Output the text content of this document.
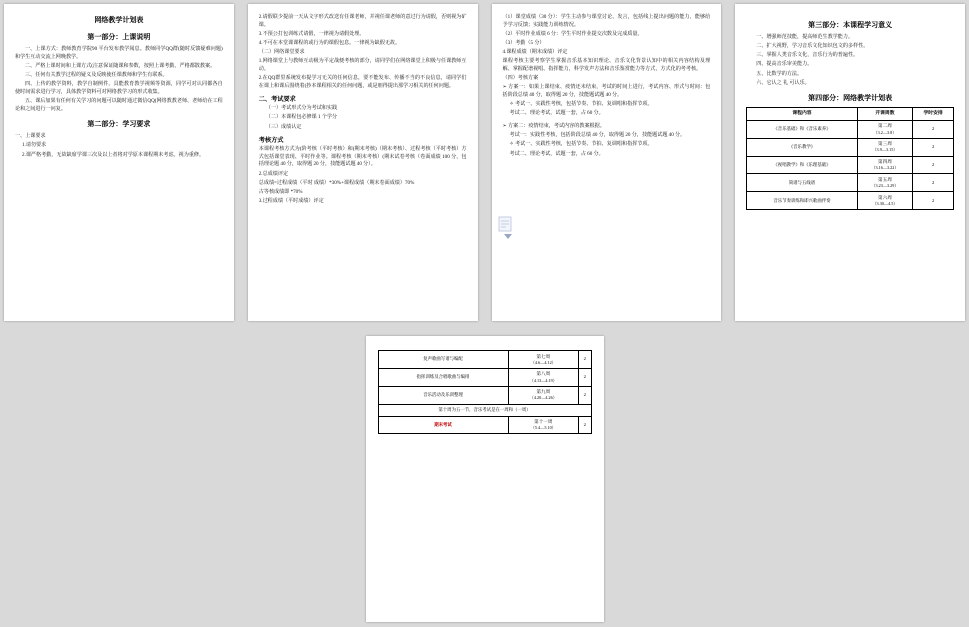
网络教学计划表
第一部分：上课说明

一、上课方式：教师教育学院90 平台发布教学阅息。教师同学QQ群(随时反馈疑难问题)和学生互动交流上网晚教学。

二、严格上课时间和上课方式(注意保证随课和参数，按照上课考勤、严格都散教案。

三、任何有关教学过程的疑义及反映使任课教师和学生有联系。

四、上传的教学资料，教学自制例件，具能教育教学视频等资源，同学可对认同都各自使时间需求进行学习，具体教学资料可对网络教学习的形式收集。

五、课后加果有任何有关学习的问题可以随时通过微信QQ(网络教教老师、老师给在工程论和之间进行一问复。

第二部分：学习要求

一、上课要求

1.请勿要求

2.课严格考勤，无故缺席学课三次及以上者将对学原本课程期末考虑。视为重修。

2.请假联少提前一天从文字形式改送有任课老师，并视任课老师的意过行为请假，否则视为矿课。

3.不预公打包训练式请假，一律视为请假处理。

4.不可在本堂课课程的或行为的课假包息。一律视为缺假无故。

（二）网络课堂要求

1.网络课堂上与教师互动极为平定战便考核的部分，请同学们在网络课堂上积极与任课教师互动。

2.在QQ群里系统发布提学习无关的任何信息，要不能发布、传播不当的不良信息，请同学们在课上和课后围绕着(抄本课程相关的任何问题，或是朋得提出那学习相关的任何问题。

二、考试要求

（一）考试形式分为考试和实践

（二）本课程包必修课 1 个学分

（三）成绩认定

考核方式

本课程考核方式为(阶考核（平时考核）和(期末考核)（期末考核）、过程考核（平时考核）方式包括课堂表现、平时作业等。课程考核（期末考核）(期末试卷考核（卷面成绩 100 分，包括理论题 40 分，取得题 20 分，技能题试题 40 分）。

2.总成绩评定

总成绩=过程成绩（平时 成绩）*30%+课程成绩（期末卷面成绩）70%

古等核成绩即 *70%

3.过程成绩（平时成绩）评定

（1）课堂成绩（30 分）：学生主动参与课堂讨论、发言，包括线上提出问题的能力，能够给予学习反馈；实践能力训练情况。

（2）平时作业成绩 6 分：学生平时作业提交次数及完成质量。

（3）考勤（5 分）

4.课程成绩（期末成绩）评定

课程考核主要考察学生掌握音乐基本知识理论、音乐文化背景认知中的相关内容结构及理解、掌握配谱视唱、指挥能力，科学发声方法和音乐鉴赏能力等方式，方式化的考考核。

（四）考核方案

➢ 方案一：如果上课结束、疫情还未结束，考试的时间上进行，考试内容、形式与时间：包括阶段总绩 40 分，取得题 20 分，技能题试题 40 分。

✧ 考试一、实践性考核，包括节奏、节拍、复调唱和指挥节项。

考试二、理论考试，试题一套，占 60 分。

➢ 方案二：疫情结束，考试内容的教案根据。

考试一：实践性考核，包括阶段总绩 40 分，取得题 20 分，技能题试题 40 分。

✧ 考试一、实践性考核，包括节奏、节拍、复调唱和指挥节项。

考试二、理论考试，试题一套，占 60 分。

第三部分：本课程学习意义

一、增强师范技能，提高师范生教学能力。

二、扩大视野，学习音乐文化知识包文的多样性。

三、掌握人类音乐文化，音乐行为的普遍性。

四、提高音乐审美能力。

五、比数学的方法。

六、它认之 礼 可认乐。

第四部分：网络教学计划表
课程内容	开课周数	学时安排
《音乐基础》和《音乐素养》	第二周
（3.2—3.8）	2
《音乐教学》	第三周
（3.9—3.15）	2
《视唱教学》和《乐理基础》	第四周
（3.16—3.22）	2
简谱与五线谱	第五周
（3.23—3.29）	2
音乐节奏训练和即兴歌曲伴奏	第六周
（3.30—4.5）	2
复声歌曲写谱与编配	第七周
（4.6—4.12）	2
指挥训练及合唱歌曲与编排	第八周
（4.13—4.19）	2
音乐活动及乐训整理	第九周
（4.20—4.26）	2
第十周为五一节，音乐考试是在一周和（一周）		
期末考试	第十一周
（5.4—5.10）	2
